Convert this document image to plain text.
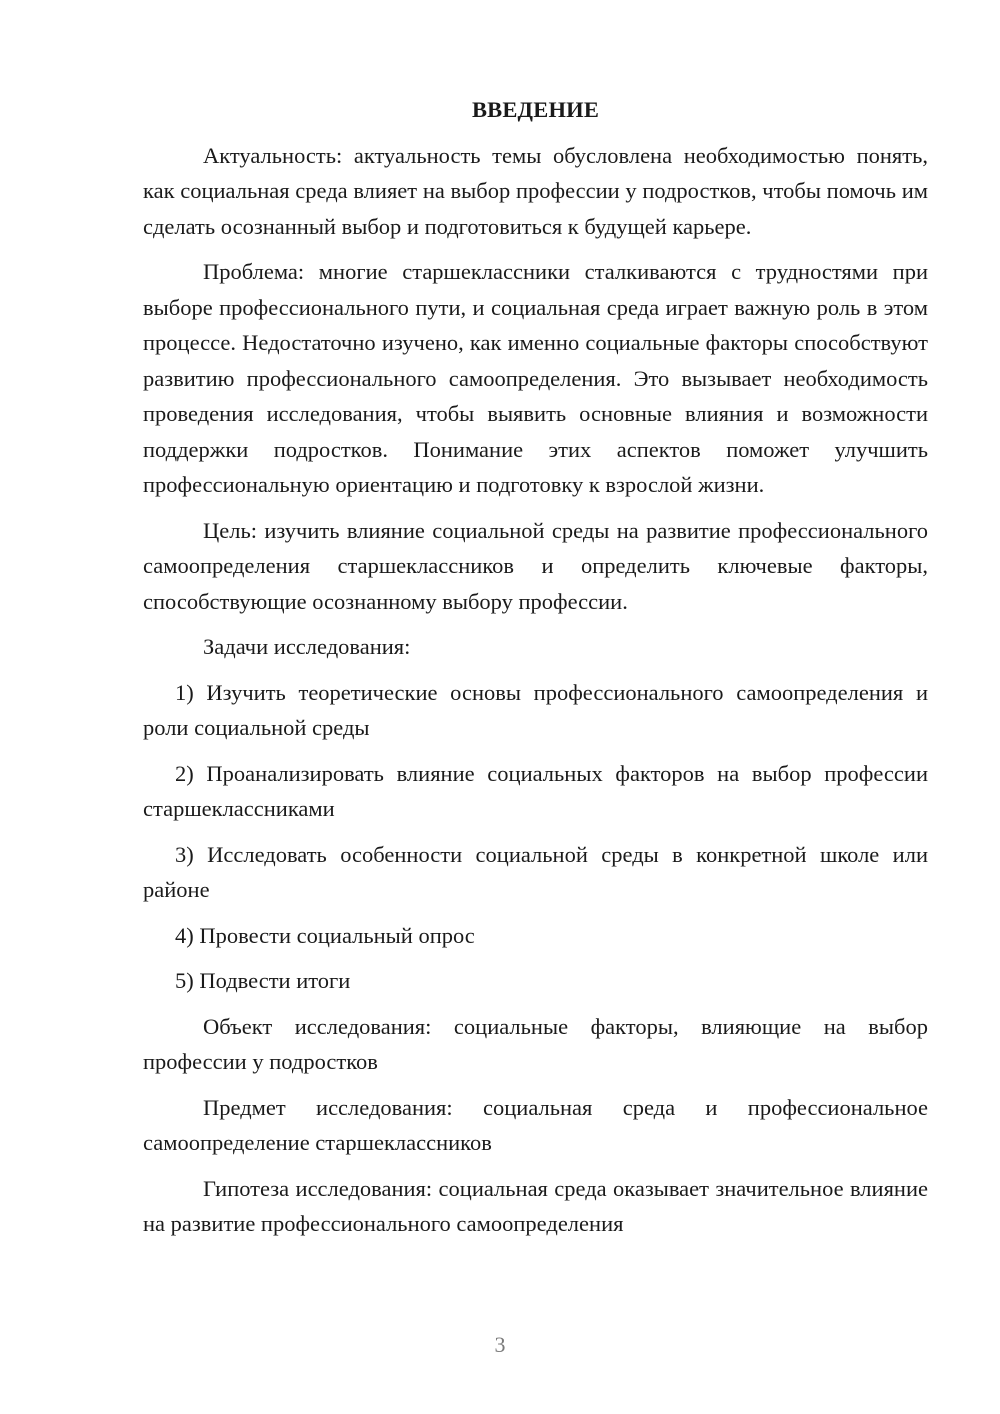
ВВЕДЕНИЕ

Актуальность: актуальность темы обусловлена необходимостью понять, как социальная среда влияет на выбор профессии у подростков, чтобы помочь им сделать осознанный выбор и подготовиться к будущей карьере.

Проблема: многие старшеклассники сталкиваются с трудностями при выборе профессионального пути, и социальная среда играет важную роль в этом процессе. Недостаточно изучено, как именно социальные факторы способствуют развитию профессионального самоопределения. Это вызывает необходимость проведения исследования, чтобы выявить основные влияния и возможности поддержки подростков. Понимание этих аспектов поможет улучшить профессиональную ориентацию и подготовку к взрослой жизни.

Цель: изучить влияние социальной среды на развитие профессионального самоопределения старшеклассников и определить ключевые факторы, способствующие осознанному выбору профессии.

Задачи исследования:

1) Изучить теоретические основы профессионального самоопределения и роли социальной среды

2) Проанализировать влияние социальных факторов на выбор профессии старшеклассниками

3) Исследовать особенности социальной среды в конкретной школе или районе

4) Провести социальный опрос

5) Подвести итоги

Объект исследования: социальные факторы, влияющие на выбор профессии у подростков

Предмет исследования: социальная среда и профессиональное самоопределение старшеклассников

Гипотеза исследования: социальная среда оказывает значительное влияние на развитие профессионального самоопределения

3
